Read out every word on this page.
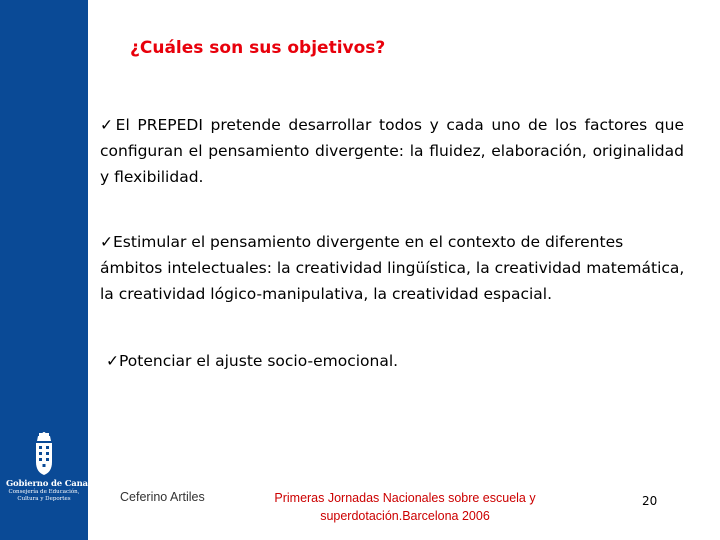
Gobierno de Canarias
Consejería de Educación,
Cultura y Deportes
¿Cuáles son sus objetivos?
✓El PREPEDI pretende desarrollar todos y cada uno de los factores que configuran el pensamiento divergente: la fluidez, elaboración, originalidad y flexibilidad.
✓Estimular el pensamiento divergente en el contexto de diferentes ámbitos intelectuales: la creatividad lingüística, la creatividad matemática, la creatividad lógico-manipulativa, la creatividad espacial.
✓Potenciar el ajuste socio-emocional.
Ceferino Artiles	Primeras Jornadas Nacionales sobre escuela y
superdotación.Barcelona 2006
20
